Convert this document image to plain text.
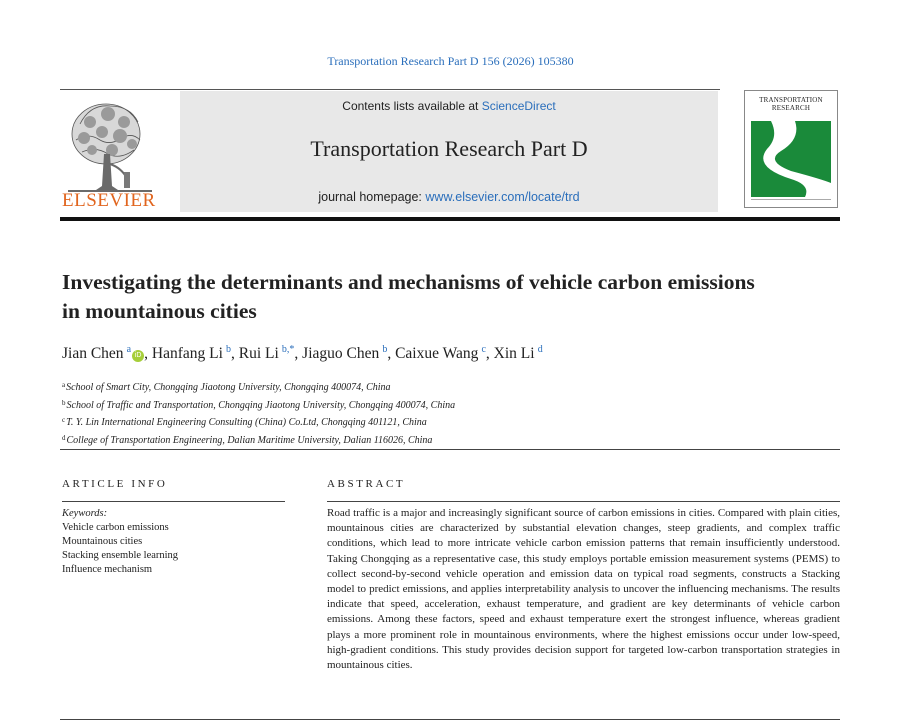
Transportation Research Part D 156 (2026) 105380
ELSEVIER
Contents lists available at ScienceDirect
Transportation Research Part D
journal homepage: www.elsevier.com/locate/trd
TRANSPORTATION
RESEARCH
Investigating the determinants and mechanisms of vehicle carbon emissions in mountainous cities
Jian Chen  $^a$iD , Hanfang Li  $^b$, Rui Li  $^{b,*}$, Jiaguo Chen  $^b$, Caixue Wang  $^c$, Xin Li  $^d$
$^a$School of Smart City, Chongqing Jiaotong University, Chongqing 400074, China
$^b$School of Traffic and Transportation, Chongqing Jiaotong University, Chongqing 400074, China
$^c$T. Y. Lin International Engineering Consulting (China) Co.Ltd, Chongqing 401121, China
$^d$College of Transportation Engineering, Dalian Maritime University, Dalian 116026, China
ARTICLE INFO	ABSTRACT
Keywords:
Vehicle carbon emissions
Mountainous cities
Stacking ensemble learning
Influence mechanism

Road traffic is a major and increasingly significant source of carbon emissions in cities. Compared with plain cities, mountainous cities are characterized by substantial elevation changes, steep gradients, and complex traffic conditions, which lead to more intricate vehicle carbon emission patterns that remain insufficiently understood. Taking Chongqing as a representative case, this study employs portable emission measurement systems (PEMS) to collect second-by-second vehicle operation and emission data on typical road segments, constructs a Stacking model to predict emissions, and applies interpretability analysis to uncover the influencing mechanisms. The results indicate that speed, acceleration, exhaust temperature, and gradient are key determinants of vehicle carbon emissions. Among these factors, speed and exhaust temperature exert the strongest influence, whereas gradient plays a more prominent role in mountainous environments, where the highest emissions occur under low-speed, high-gradient conditions. This study provides decision support for targeted low-carbon transportation strategies in mountainous cities.
